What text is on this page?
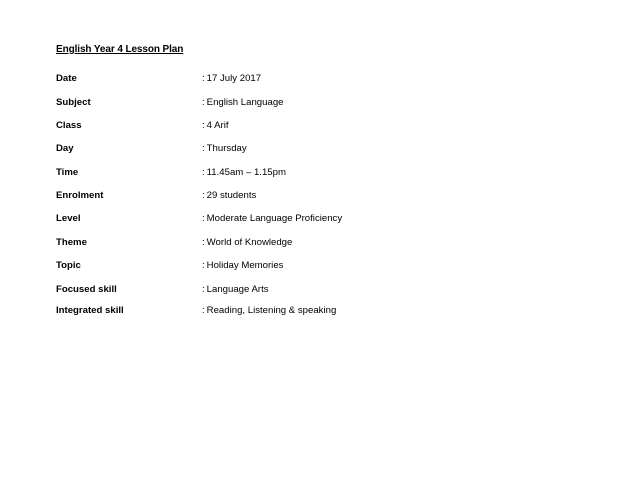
English Year 4 Lesson Plan
Date	: 17 July 2017
Subject	: English Language
Class	: 4 Arif
Day	: Thursday
Time	: 11.45am – 1.15pm
Enrolment	: 29 students
Level	: Moderate Language Proficiency
Theme	: World of Knowledge
Topic	: Holiday Memories
Focused skill	: Language Arts
Integrated skill	: Reading, Listening & speaking
